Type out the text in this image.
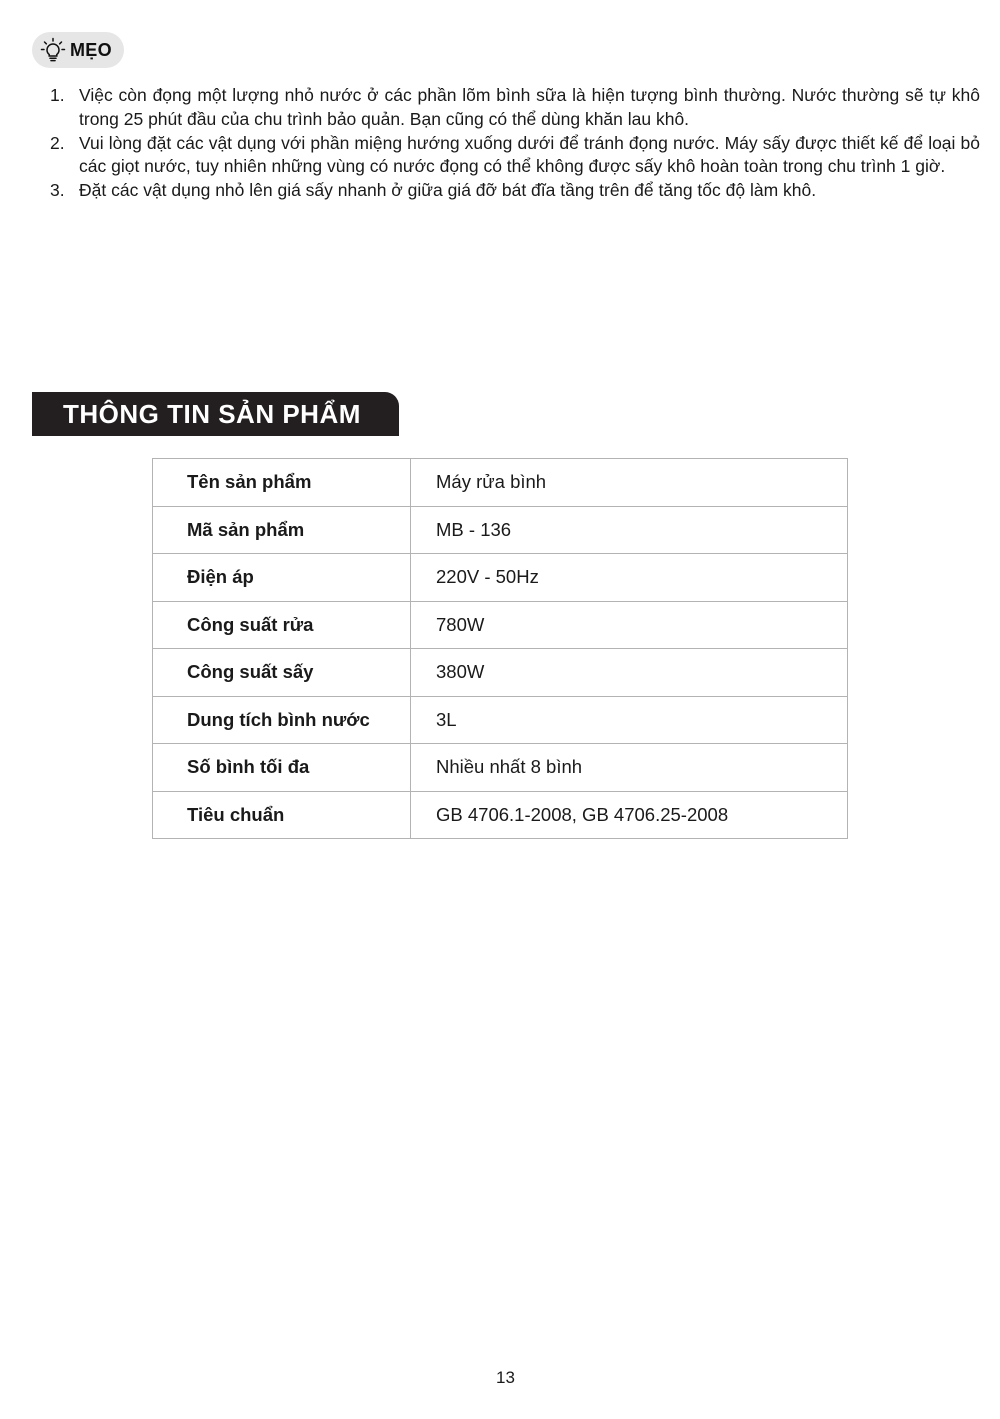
MẸO
1. Việc còn đọng một lượng nhỏ nước ở các phần lõm bình sữa là hiện tượng bình thường. Nước thường sẽ tự khô trong 25 phút đầu của chu trình bảo quản. Bạn cũng có thể dùng khăn lau khô.
2. Vui lòng đặt các vật dụng với phần miệng hướng xuống dưới để tránh đọng nước. Máy sấy được thiết kế để loại bỏ các giọt nước, tuy nhiên những vùng có nước đọng có thể không được sấy khô hoàn toàn trong chu trình 1 giờ.
3. Đặt các vật dụng nhỏ lên giá sấy nhanh ở giữa giá đỡ bát đĩa tầng trên để tăng tốc độ làm khô.
THÔNG TIN SẢN PHẨM
Tên sản phẩm	Máy rửa bình
Mã sản phẩm	MB - 136
Điện áp	220V - 50Hz
Công suất rửa	780W
Công suất sấy	380W
Dung tích bình nước	3L
Số bình tối đa	Nhiều nhất 8 bình
Tiêu chuẩn	GB 4706.1-2008, GB 4706.25-2008
13
